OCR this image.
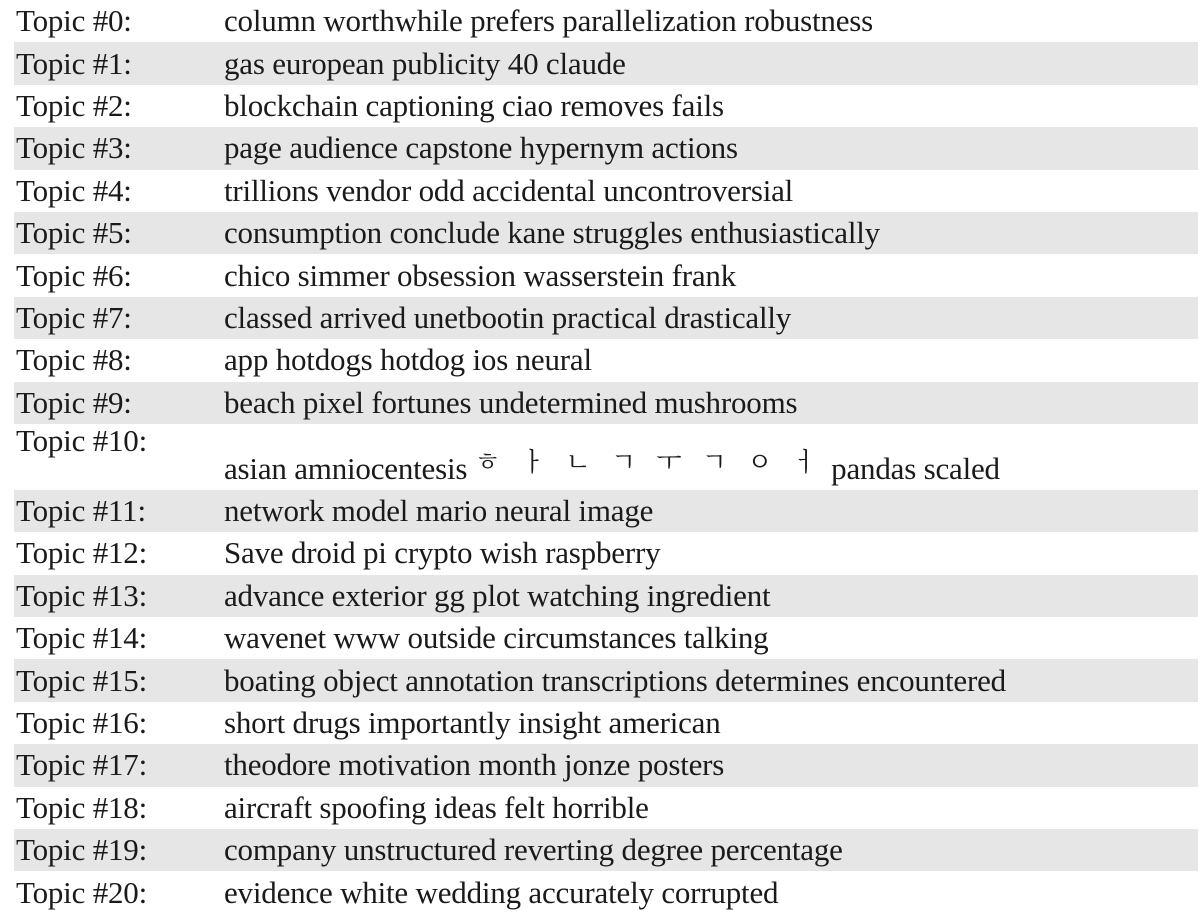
Topic #0:	column worthwhile prefers parallelization robustness
Topic #1:	gas european publicity 40 claude
Topic #2:	blockchain captioning ciao removes fails
Topic #3:	page audience capstone hypernym actions
Topic #4:	trillions vendor odd accidental uncontroversial
Topic #5:	consumption conclude kane struggles enthusiastically
Topic #6:	chico simmer obsession wasserstein frank
Topic #7:	classed arrived unetbootin practical drastically
Topic #8:	app hotdogs hotdog ios neural
Topic #9:	beach pixel fortunes undetermined mushrooms
Topic #10:
asian amniocentesis $^{ㅎ ㅏ ㄴ ㄱ ㅜ ㄱ ㅇ ㅓ}$ pandas scaled
Topic #11:	network model mario neural image
Topic #12:	Save droid pi crypto wish raspberry
Topic #13:	advance exterior gg plot watching ingredient
Topic #14:	wavenet www outside circumstances talking
Topic #15:	boating object annotation transcriptions determines encountered
Topic #16:	short drugs importantly insight american
Topic #17:	theodore motivation month jonze posters
Topic #18:	aircraft spoofing ideas felt horrible
Topic #19:	company unstructured reverting degree percentage
Topic #20:	evidence white wedding accurately corrupted
